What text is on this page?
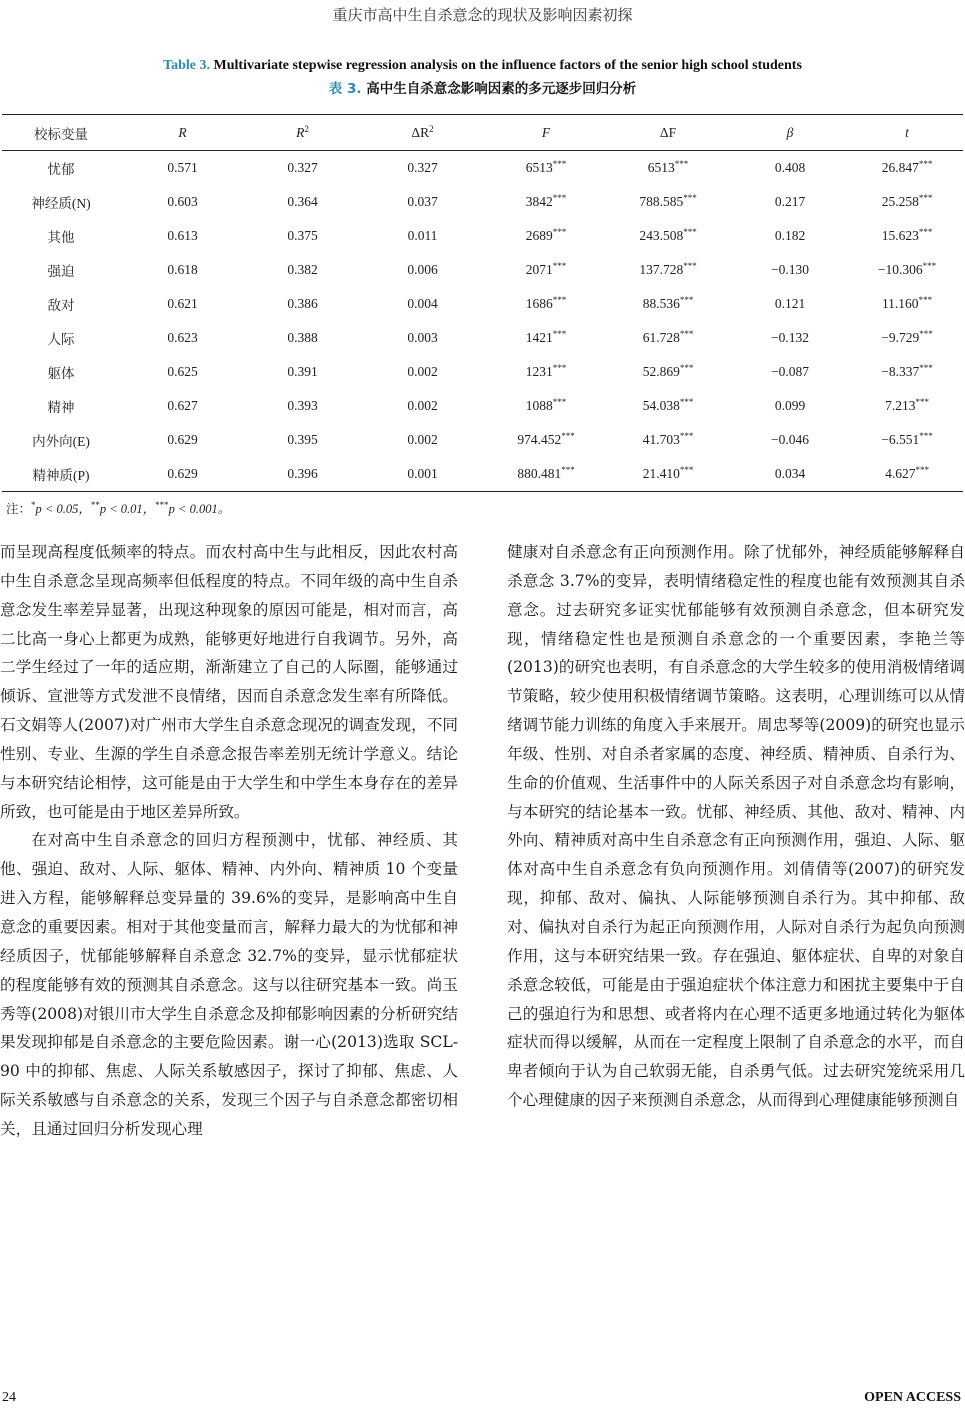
重庆市高中生自杀意念的现状及影响因素初探
Table 3. Multivariate stepwise regression analysis on the influence factors of the senior high school students
表 3. 高中生自杀意念影响因素的多元逐步回归分析
校标变量	R	$R^2$	$\Delta R^2$	F	ΔF	β	t
忧郁	0.571	0.327	0.327	6513***	6513***	0.408	26.847***
神经质(N)	0.603	0.364	0.037	3842***	788.585***	0.217	25.258***
其他	0.613	0.375	0.011	2689***	243.508***	0.182	15.623***
强迫	0.618	0.382	0.006	2071***	137.728***	−0.130	−10.306***
敌对	0.621	0.386	0.004	1686***	88.536***	0.121	11.160***
人际	0.623	0.388	0.003	1421***	61.728***	−0.132	−9.729***
躯体	0.625	0.391	0.002	1231***	52.869***	−0.087	−8.337***
精神	0.627	0.393	0.002	1088***	54.038***	0.099	7.213***
内外向(E)	0.629	0.395	0.002	974.452***	41.703***	−0.046	−6.551***
精神质(P)	0.629	0.396	0.001	880.481***	21.410***	0.034	4.627***
注：*p < 0.05，**p < 0.01，***p < 0.001。

而呈现高程度低频率的特点。而农村高中生与此相反，因此农村高中生自杀意念呈现高频率但低程度的特点。不同年级的高中生自杀意念发生率差异显著，出现这种现象的原因可能是，相对而言，高二比高一身心上都更为成熟，能够更好地进行自我调节。另外，高二学生经过了一年的适应期，渐渐建立了自己的人际圈，能够通过倾诉、宣泄等方式发泄不良情绪，因而自杀意念发生率有所降低。石文娟等人(2007)对广州市大学生自杀意念现况的调查发现，不同性别、专业、生源的学生自杀意念报告率差别无统计学意义。结论与本研究结论相悖，这可能是由于大学生和中学生本身存在的差异所致，也可能是由于地区差异所致。

在对高中生自杀意念的回归方程预测中，忧郁、神经质、其他、强迫、敌对、人际、躯体、精神、内外向、精神质 10 个变量进入方程，能够解释总变异量的 39.6%的变异，是影响高中生自意念的重要因素。相对于其他变量而言，解释力最大的为忧郁和神经质因子，忧郁能够解释自杀意念 32.7%的变异，显示忧郁症状的程度能够有效的预测其自杀意念。这与以往研究基本一致。尚玉秀等(2008)对银川市大学生自杀意念及抑郁影响因素的分析研究结果发现抑郁是自杀意念的主要危险因素。谢一心(2013)选取 SCL-90 中的抑郁、焦虑、人际关系敏感因子，探讨了抑郁、焦虑、人际关系敏感与自杀意念的关系，发现三个因子与自杀意念都密切相关，且通过回归分析发现心理

健康对自杀意念有正向预测作用。除了忧郁外，神经质能够解释自杀意念 3.7%的变异，表明情绪稳定性的程度也能有效预测其自杀意念。过去研究多证实忧郁能够有效预测自杀意念，但本研究发现，情绪稳定性也是预测自杀意念的一个重要因素，李艳兰等(2013)的研究也表明，有自杀意念的大学生较多的使用消极情绪调节策略，较少使用积极情绪调节策略。这表明，心理训练可以从情绪调节能力训练的角度入手来展开。周忠琴等(2009)的研究也显示年级、性别、对自杀者家属的态度、神经质、精神质、自杀行为、生命的价值观、生活事件中的人际关系因子对自杀意念均有影响，与本研究的结论基本一致。忧郁、神经质、其他、敌对、精神、内外向、精神质对高中生自杀意念有正向预测作用，强迫、人际、躯体对高中生自杀意念有负向预测作用。刘倩倩等(2007)的研究发现，抑郁、敌对、偏执、人际能够预测自杀行为。其中抑郁、敌对、偏执对自杀行为起正向预测作用，人际对自杀行为起负向预测作用，这与本研究结果一致。存在强迫、躯体症状、自卑的对象自杀意念较低，可能是由于强迫症状个体注意力和困扰主要集中于自己的强迫行为和思想、或者将内在心理不适更多地通过转化为躯体症状而得以缓解，从而在一定程度上限制了自杀意念的水平，而自卑者倾向于认为自己软弱无能，自杀勇气低。过去研究笼统采用几个心理健康的因子来预测自杀意念，从而得到心理健康能够预测自

24	OPEN ACCESS
